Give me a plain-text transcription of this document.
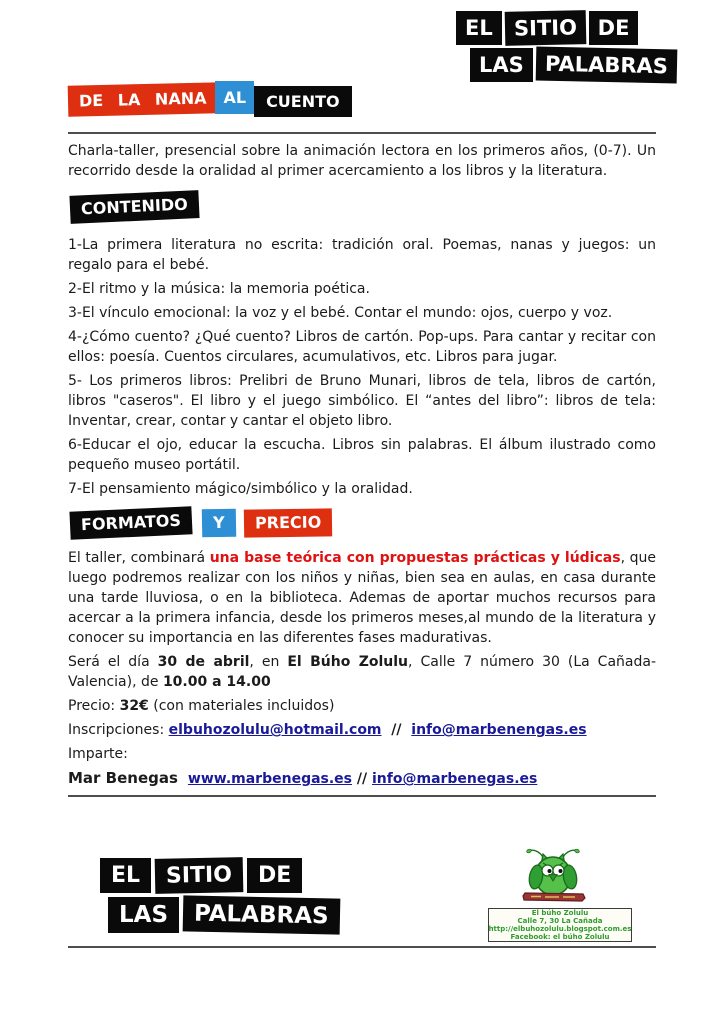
EL SITIO DE
LAS PALABRAS
DE LA NANA	AL	CUENTO

Charla-taller, presencial sobre la animación lectora en los primeros años, (0-7). Un recorrido desde la oralidad al primer acercamiento a los libros y la literatura.

CONTENIDO

1-La primera literatura no escrita: tradición oral. Poemas, nanas y juegos: un regalo para el bebé.

2-El ritmo y la música: la memoria poética.

3-El vínculo emocional: la voz y el bebé. Contar el mundo: ojos, cuerpo y voz.

4-¿Cómo cuento? ¿Qué cuento? Libros de cartón. Pop-ups. Para cantar y recitar con ellos: poesía. Cuentos circulares, acumulativos, etc. Libros para jugar.

5- Los primeros libros: Prelibri de Bruno Munari, libros de tela, libros de cartón, libros "caseros". El libro y el juego simbólico. El “antes del libro”: libros de tela: Inventar, crear, contar y cantar el objeto libro.

6-Educar el ojo, educar la escucha. Libros sin palabras. El álbum ilustrado como pequeño museo portátil.

7-El pensamiento mágico/simbólico y la oralidad.

FORMATOS Y PRECIO

El taller, combinará una base teórica con propuestas prácticas y lúdicas, que luego podremos realizar con los niños y niñas, bien sea en aulas, en casa durante una tarde lluviosa, o en la biblioteca. Ademas de aportar muchos recursos para acercar a la primera infancia, desde los primeros meses,al mundo de la literatura y conocer su importancia en las diferentes fases madurativas.

Será el día 30 de abril, en El Búho Zolulu, Calle 7 número 30 (La Cañada-Valencia), de 10.00 a 14.00

Precio: 32€ (con materiales incluidos)

Inscripciones: elbuhozolulu@hotmail.com  //  info@marbenengas.es

Imparte:

Mar Benegas www.marbenegas.es // info@marbenegas.es
EL	SITIO	DE
LAS	PALABRAS	El búho Zolulu
Calle 7, 30 La Cañada
http://elbuhozolulu.blogspot.com.es
Facebook: el búho Zolulu
